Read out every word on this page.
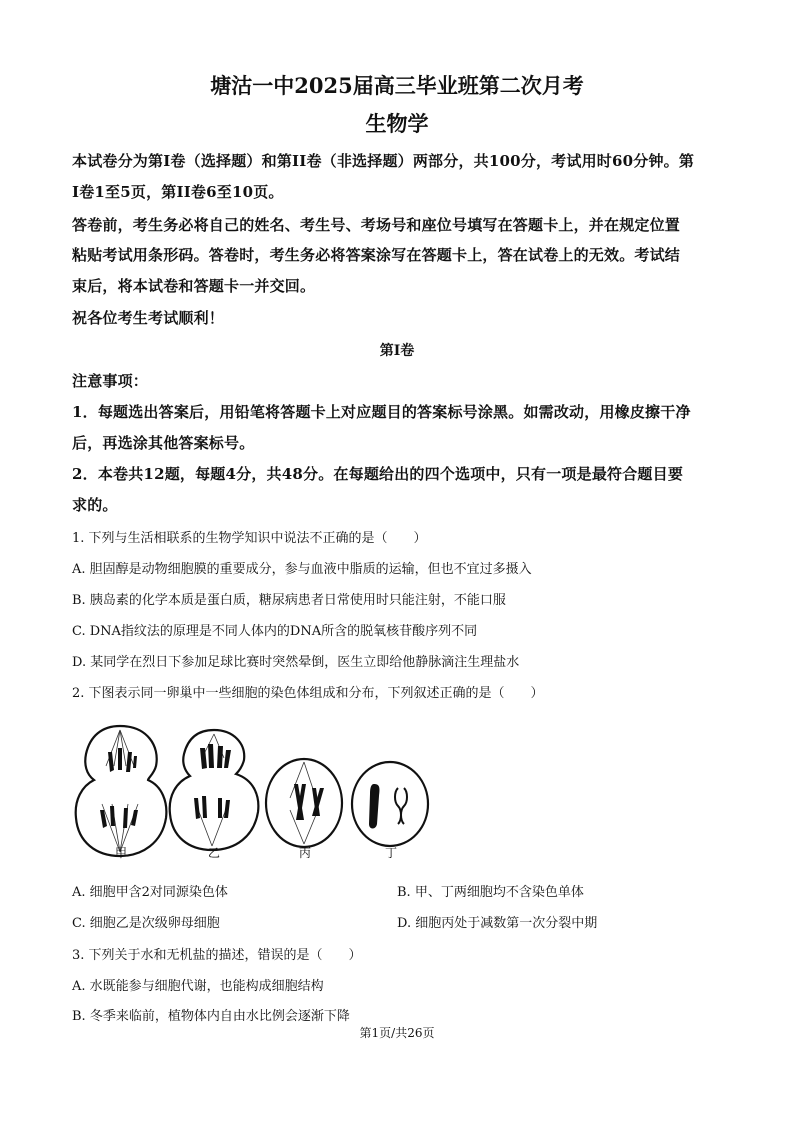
塘沽一中2025届高三毕业班第二次月考
生物学
本试卷分为第I卷（选择题）和第II卷（非选择题）两部分，共100分，考试用时60分钟。第
I卷1至5页，第II卷6至10页。
答卷前，考生务必将自己的姓名、考生号、考场号和座位号填写在答题卡上，并在规定位置
粘贴考试用条形码。答卷时，考生务必将答案涂写在答题卡上，答在试卷上的无效。考试结
束后，将本试卷和答题卡一并交回。
祝各位考生考试顺利！
第I卷
注意事项：
1．每题选出答案后，用铅笔将答题卡上对应题目的答案标号涂黑。如需改动，用橡皮擦干净
后，再选涂其他答案标号。
2．本卷共12题，每题4分，共48分。在每题给出的四个选项中，只有一项是最符合题目要
求的。
1. 下列与生活相联系的生物学知识中说法不正确的是（　　）
A. 胆固醇是动物细胞膜的重要成分，参与血液中脂质的运输，但也不宜过多摄入
B. 胰岛素的化学本质是蛋白质，糖尿病患者日常使用时只能注射，不能口服
C. DNA指纹法的原理是不同人体内的DNA所含的脱氧核苷酸序列不同
D. 某同学在烈日下参加足球比赛时突然晕倒，医生立即给他静脉滴注生理盐水
2. 下图表示同一卵巢中一些细胞的染色体组成和分布，下列叙述正确的是（　　）
甲	乙	丙	丁
A. 细胞甲含2对同源染色体	B. 甲、丁两细胞均不含染色单体
C. 细胞乙是次级卵母细胞	D. 细胞丙处于减数第一次分裂中期
3. 下列关于水和无机盐的描述，错误的是（　　）
A. 水既能参与细胞代谢，也能构成细胞结构
B. 冬季来临前，植物体内自由水比例会逐渐下降
第1页/共26页
